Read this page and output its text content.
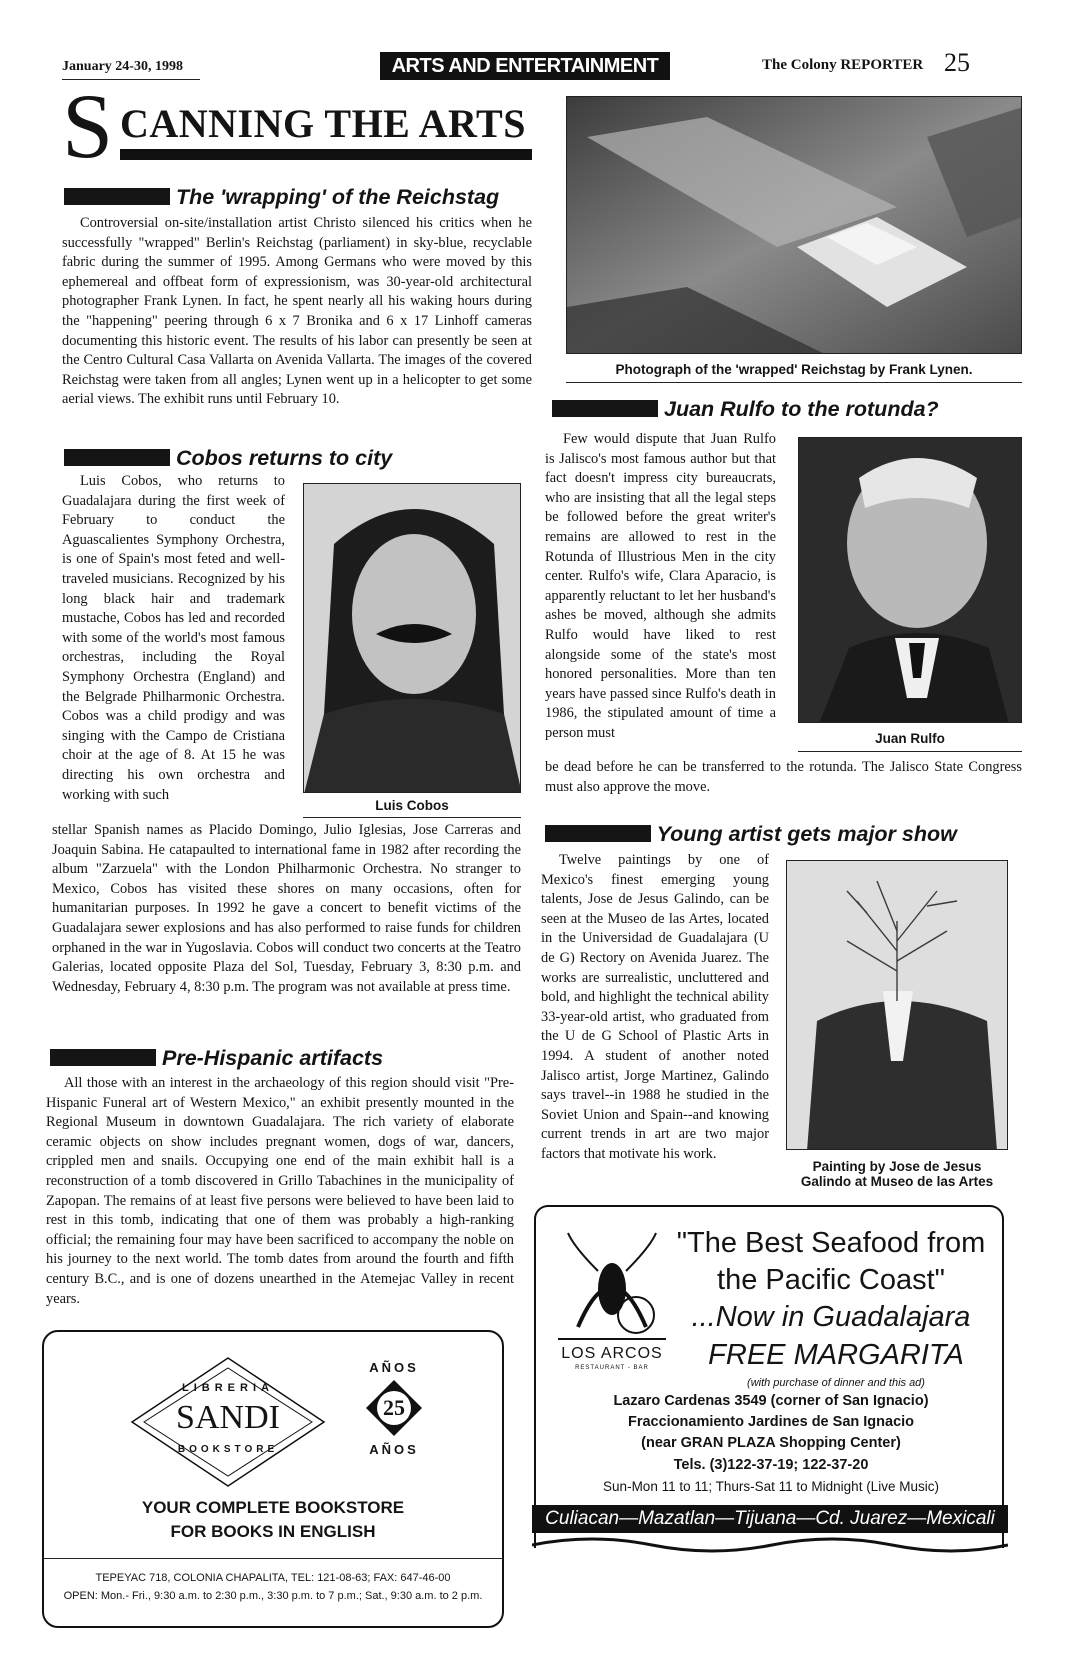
January 24-30, 1998	ARTS AND ENTERTAINMENT	The Colony REPORTER 25
S CANNING THE ARTS
The 'wrapping' of the Reichstag
Controversial on-site/installation artist Christo silenced his critics when he successfully "wrapped" Berlin's Reichstag (parliament) in sky-blue, recyclable fabric during the summer of 1995. Among Germans who were moved by this ephemereal and offbeat form of expressionism, was 30-year-old architectural photographer Frank Lynen. In fact, he spent nearly all his waking hours during the "happening" peering through 6 x 7 Bronika and 6 x 17 Linhoff cameras documenting this historic event. The results of his labor can presently be seen at the Centro Cultural Casa Vallarta on Avenida Vallarta. The images of the covered Reichstag were taken from all angles; Lynen went up in a helicopter to get some aerial views. The exhibit runs until February 10.
Photograph of the 'wrapped' Reichstag by Frank Lynen.
Cobos returns to city
Luis Cobos, who returns to Guadalajara during the first week of February to conduct the Aguascalientes Symphony Orchestra, is one of Spain's most feted and well-traveled musicians. Recognized by his long black hair and trademark mustache, Cobos has led and recorded with some of the world's most famous orchestras, including the Royal Symphony Orchestra (England) and the Belgrade Philharmonic Orchestra. Cobos was a child prodigy and was singing with the Campo de Cristiana choir at the age of 8. At 15 he was directing his own orchestra and working with such
Luis Cobos
stellar Spanish names as Placido Domingo, Julio Iglesias, Jose Carreras and Joaquin Sabina. He catapaulted to international fame in 1982 after recording the album "Zarzuela" with the London Philharmonic Orchestra. No stranger to Mexico, Cobos has visited these shores on many occasions, often for humanitarian purposes. In 1992 he gave a concert to benefit victims of the Guadalajara sewer explosions and has also performed to raise funds for children orphaned in the war in Yugoslavia. Cobos will conduct two concerts at the Teatro Galerias, located opposite Plaza del Sol, Tuesday, February 3, 8:30 p.m. and Wednesday, February 4, 8:30 p.m. The program was not available at press time.
Pre-Hispanic artifacts
All those with an interest in the archaeology of this region should visit "Pre-Hispanic Funeral art of Western Mexico," an exhibit presently mounted in the Regional Museum in downtown Guadalajara. The rich variety of elaborate ceramic objects on show includes pregnant women, dogs of war, dancers, crippled men and snails. Occupying one end of the main exhibit hall is a reconstruction of a tomb discovered in Grillo Tabachines in the municipality of Zapopan. The remains of at least five persons were believed to have been laid to rest in this tomb, indicating that one of them was probably a high-ranking official; the remaining four may have been sacrificed to accompany the noble on his journey to the next world. The tomb dates from around the fourth and fifth century B.C., and is one of dozens unearthed in the Atemejac Valley in recent years.
Juan Rulfo to the rotunda?
Few would dispute that Juan Rulfo is Jalisco's most famous author but that fact doesn't impress city bureaucrats, who are insisting that all the legal steps be followed before the great writer's remains are allowed to rest in the Rotunda of Illustrious Men in the city center. Rulfo's wife, Clara Aparacio, is apparently reluctant to let her husband's ashes be moved, although she admits Rulfo would have liked to rest alongside some of the state's most honored personalities. More than ten years have passed since Rulfo's death in 1986, the stipulated amount of time a person must	Juan Rulfo
be dead before he can be transferred to the rotunda. The Jalisco State Congress must also approve the move.
Young artist gets major show
Twelve paintings by one of Mexico's finest emerging young talents, Jose de Jesus Galindo, can be seen at the Museo de las Artes, located in the Universidad de Guadalajara (U de G) Rectory on Avenida Juarez. The works are surrealistic, uncluttered and bold, and highlight the technical ability 33-year-old artist, who graduated from the U de G School of Plastic Arts in 1994. A student of another noted Jalisco artist, Jorge Martinez, Galindo says travel--in 1988 he studied in the Soviet Union and Spain--and knowing current trends in art are two major factors that motivate his work.
Painting by Jose de Jesus
Galindo at Museo de las Artes
LIBRERIA
SANDI
BOOKSTORE
AÑOS
25
AÑOS
YOUR COMPLETE BOOKSTORE
FOR BOOKS IN ENGLISH
TEPEYAC 718, COLONIA CHAPALITA, TEL: 121-08-63; FAX: 647-46-00
OPEN: Mon.- Fri., 9:30 a.m. to 2:30 p.m., 3:30 p.m. to 7 p.m.; Sat., 9:30 a.m. to 2 p.m.
LOS ARCOS
RESTAURANT - BAR
"The Best Seafood from
the Pacific Coast"
...Now in Guadalajara
FREE MARGARITA
(with purchase of dinner and this ad)
Lazaro Cardenas 3549 (corner of San Ignacio)
Fraccionamiento Jardines de San Ignacio
(near GRAN PLAZA Shopping Center)
Tels. (3)122-37-19; 122-37-20
Sun-Mon 11 to 11; Thurs-Sat 11 to Midnight (Live Music)
Culiacan—Mazatlan—Tijuana—Cd. Juarez—Mexicali
